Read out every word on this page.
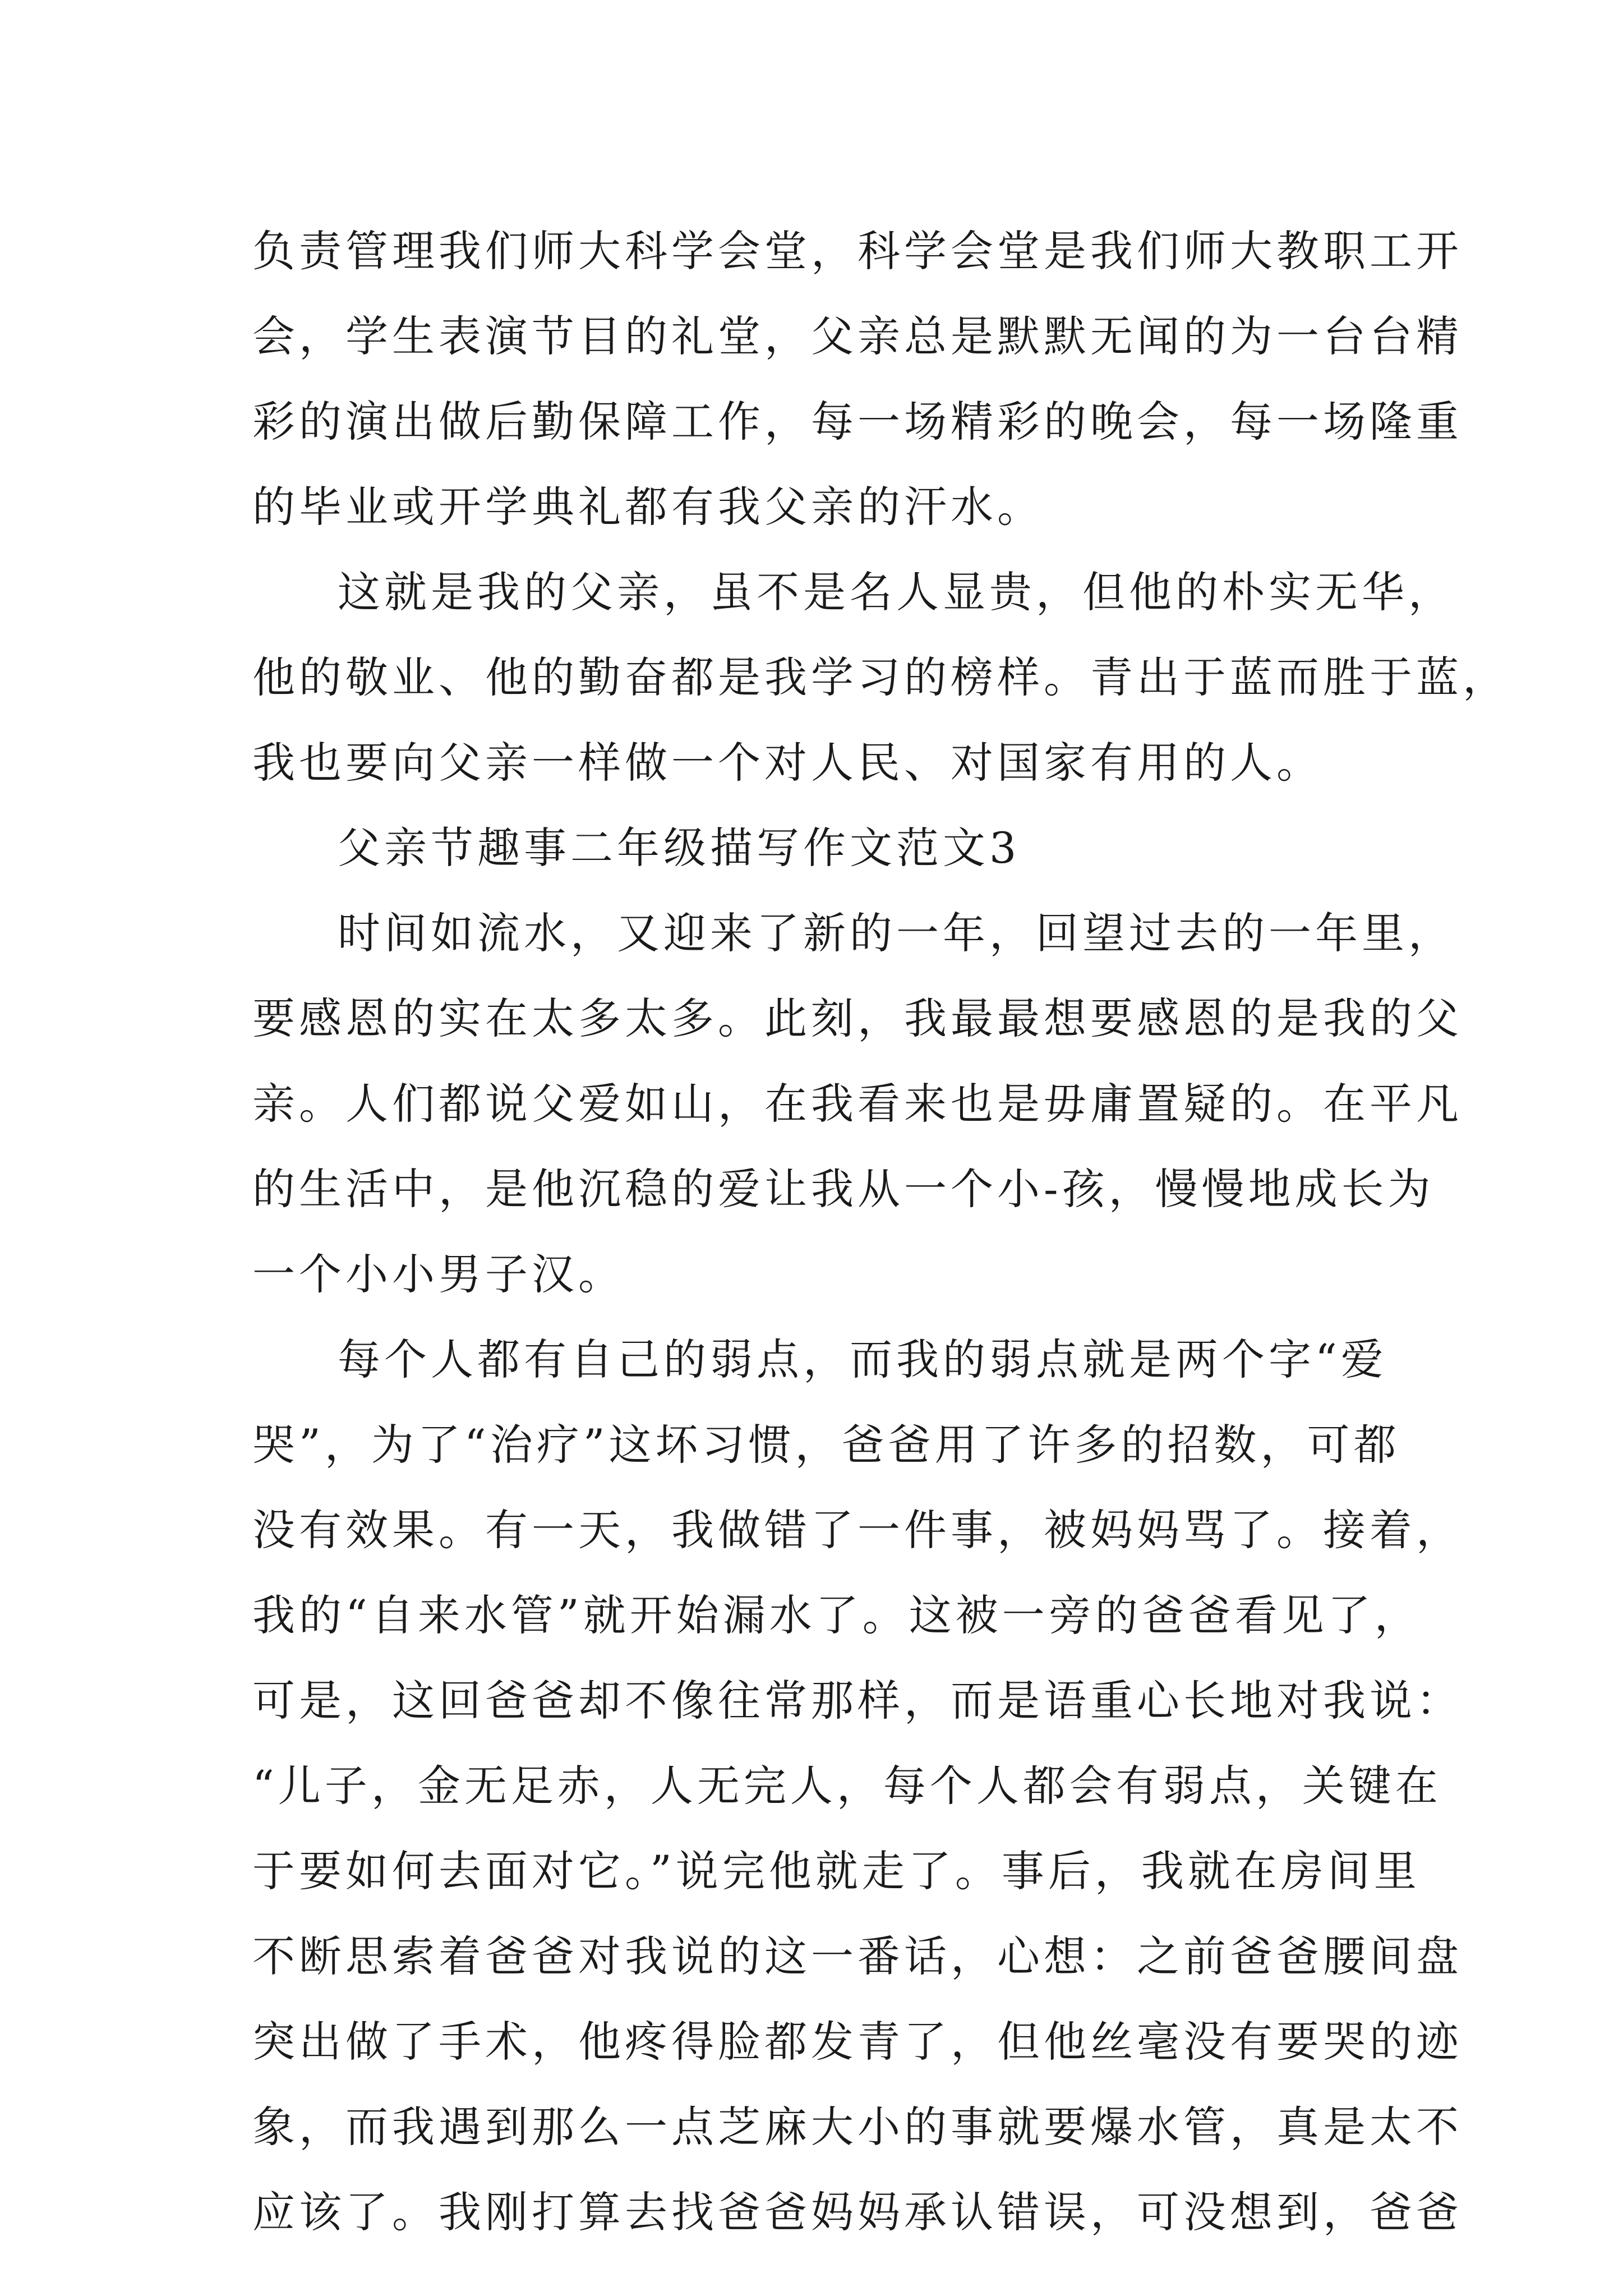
负责管理我们师大科学会堂，科学会堂是我们师大教职工开
会，学生表演节目的礼堂，父亲总是默默无闻的为一台台精
彩的演出做后勤保障工作，每一场精彩的晚会，每一场隆重
的毕业或开学典礼都有我父亲的汗水。
这就是我的父亲，虽不是名人显贵，但他的朴实无华，
他的敬业、他的勤奋都是我学习的榜样。青出于蓝而胜于蓝，
我也要向父亲一样做一个对人民、对国家有用的人。
父亲节趣事二年级描写作文范文3
时间如流水，又迎来了新的一年，回望过去的一年里，
要感恩的实在太多太多。此刻，我最最想要感恩的是我的父
亲。人们都说父爱如山，在我看来也是毋庸置疑的。在平凡
的生活中，是他沉稳的爱让我从一个小-孩，慢慢地成长为
一个小小男子汉。
每个人都有自己的弱点，而我的弱点就是两个字“爱
哭”，为了“治疗”这坏习惯，爸爸用了许多的招数，可都
没有效果。有一天，我做错了一件事，被妈妈骂了。接着，
我的“自来水管”就开始漏水了。这被一旁的爸爸看见了，
可是，这回爸爸却不像往常那样，而是语重心长地对我说：
“儿子，金无足赤，人无完人，每个人都会有弱点，关键在
于要如何去面对它。”说完他就走了。事后，我就在房间里
不断思索着爸爸对我说的这一番话，心想：之前爸爸腰间盘
突出做了手术，他疼得脸都发青了，但他丝毫没有要哭的迹
象，而我遇到那么一点芝麻大小的事就要爆水管，真是太不
应该了。我刚打算去找爸爸妈妈承认错误，可没想到，爸爸
